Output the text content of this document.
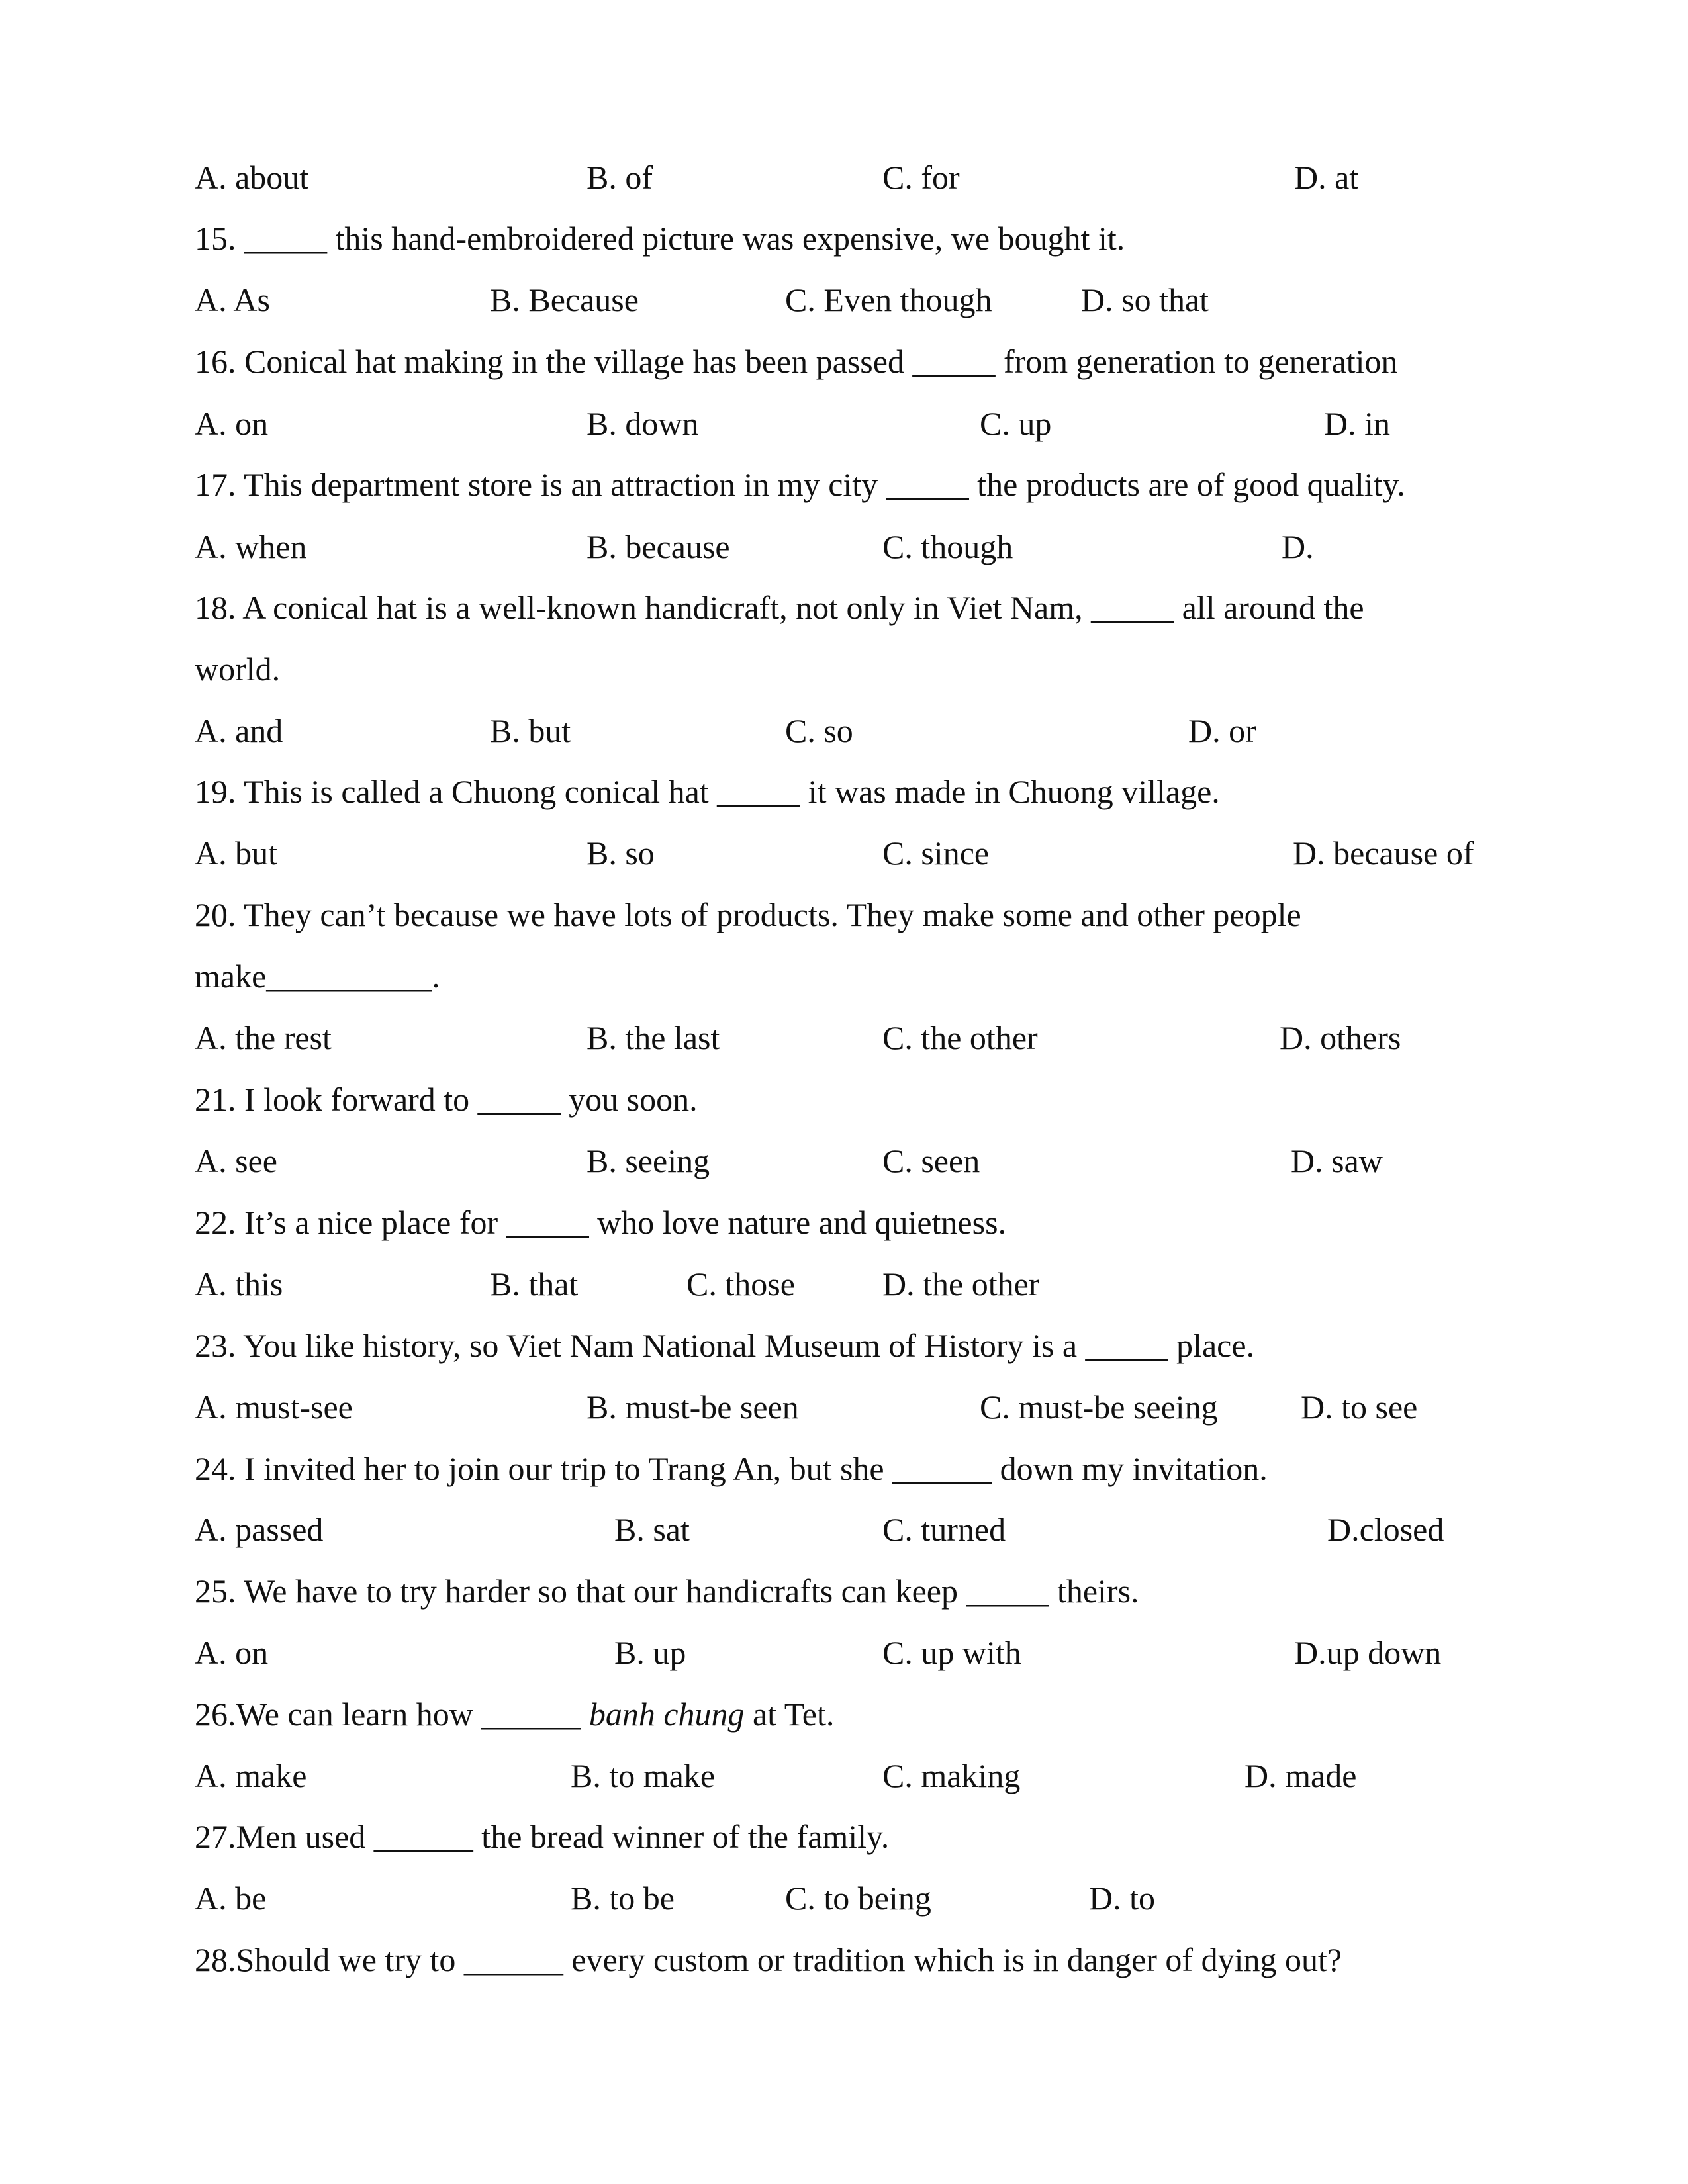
A. about	B. of	C. for	D. at
15. _____ this hand-embroidered picture was expensive, we bought it.
A. As	B. Because	C. Even though	D. so that
16. Conical hat making in the village has been passed _____ from generation to generation
A. on	B. down	C. up	D. in
17. This department store is an attraction in my city _____ the products are of good quality.
A. when	B. because	C. though	D.
18. A conical hat is a well-known handicraft, not only in Viet Nam, _____ all around the
world.
A. and	B. but	C. so	D. or
19. This is called a Chuong conical hat _____ it was made in Chuong village.
A. but	B. so	C. since	D. because of
20. They can’t because we have lots of products. They make some and other people
make__________.
A. the rest	B. the last	C. the other	D. others
21. I look forward to _____ you soon.
A. see	B. seeing	C. seen	D. saw
22. It’s a nice place for _____ who love nature and quietness.
A. this	B. that	C. those	D. the other
23. You like history, so Viet Nam National Museum of History is a _____ place.
A. must-see	B. must-be seen	C. must-be seeing	D. to see
24. I invited her to join our trip to Trang An, but she ______ down my invitation.
A. passed	B. sat	C. turned	D.closed
25. We have to try harder so that our handicrafts can keep _____ theirs.
A. on	B. up	C. up with	D.up down
26.We can learn how ______ banh chung at Tet.
A. make	B. to make	C. making	D. made
27.Men used ______ the bread winner of the family.
A. be	B. to be	C. to being	D. to
28.Should we try to ______ every custom or tradition which is in danger of dying out?
